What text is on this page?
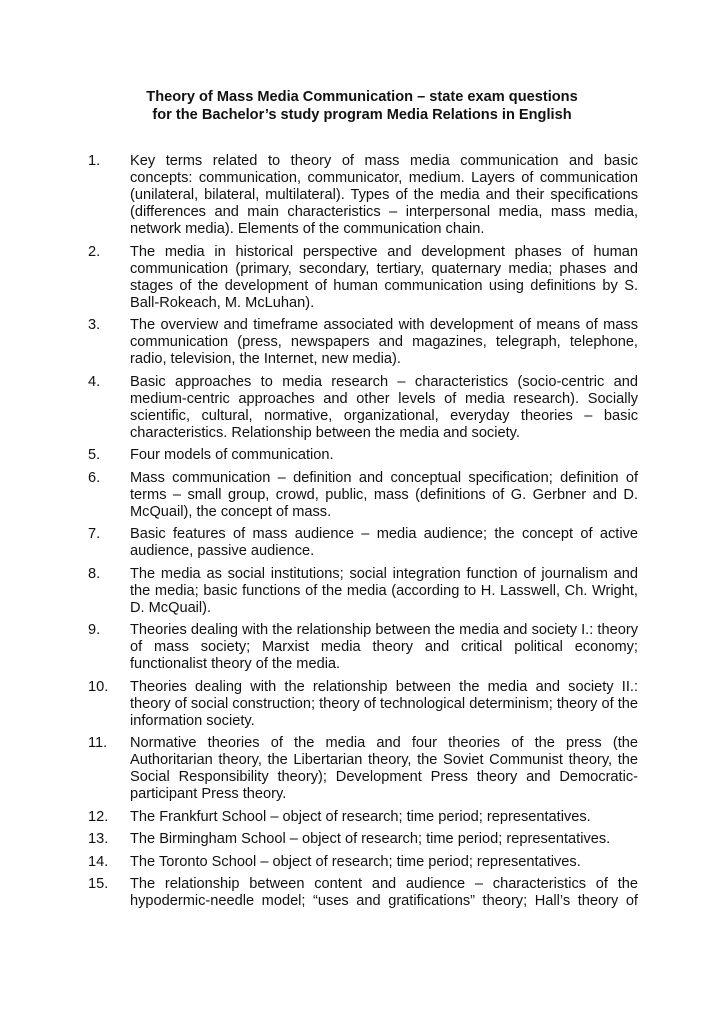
Theory of Mass Media Communication – state exam questions
for the Bachelor’s study program Media Relations in English
1. Key terms related to theory of mass media communication and basic concepts: communication, communicator, medium. Layers of communication (unilateral, bilateral, multilateral). Types of the media and their specifications (differences and main characteristics – interpersonal media, mass media, network media). Elements of the communication chain.
2. The media in historical perspective and development phases of human communication (primary, secondary, tertiary, quaternary media; phases and stages of the development of human communication using definitions by S. Ball-Rokeach, M. McLuhan).
3. The overview and timeframe associated with development of means of mass communication (press, newspapers and magazines, telegraph, telephone, radio, television, the Internet, new media).
4. Basic approaches to media research – characteristics (socio-centric and medium-centric approaches and other levels of media research). Socially scientific, cultural, normative, organizational, everyday theories – basic characteristics. Relationship between the media and society.
5. Four models of communication.
6. Mass communication – definition and conceptual specification; definition of terms – small group, crowd, public, mass (definitions of G. Gerbner and D. McQuail), the concept of mass.
7. Basic features of mass audience – media audience; the concept of active audience, passive audience.
8. The media as social institutions; social integration function of journalism and the media; basic functions of the media (according to H. Lasswell, Ch. Wright, D. McQuail).
9. Theories dealing with the relationship between the media and society I.: theory of mass society; Marxist media theory and critical political economy; functionalist theory of the media.
10. Theories dealing with the relationship between the media and society II.: theory of social construction; theory of technological determinism; theory of the information society.
11. Normative theories of the media and four theories of the press (the Authoritarian theory, the Libertarian theory, the Soviet Communist theory, the Social Responsibility theory); Development Press theory and Democratic-participant Press theory.
12. The Frankfurt School – object of research; time period; representatives.
13. The Birmingham School – object of research; time period; representatives.
14. The Toronto School – object of research; time period; representatives.
15. The relationship between content and audience – characteristics of the hypodermic-needle model; “uses and gratifications” theory; Hall’s theory of
